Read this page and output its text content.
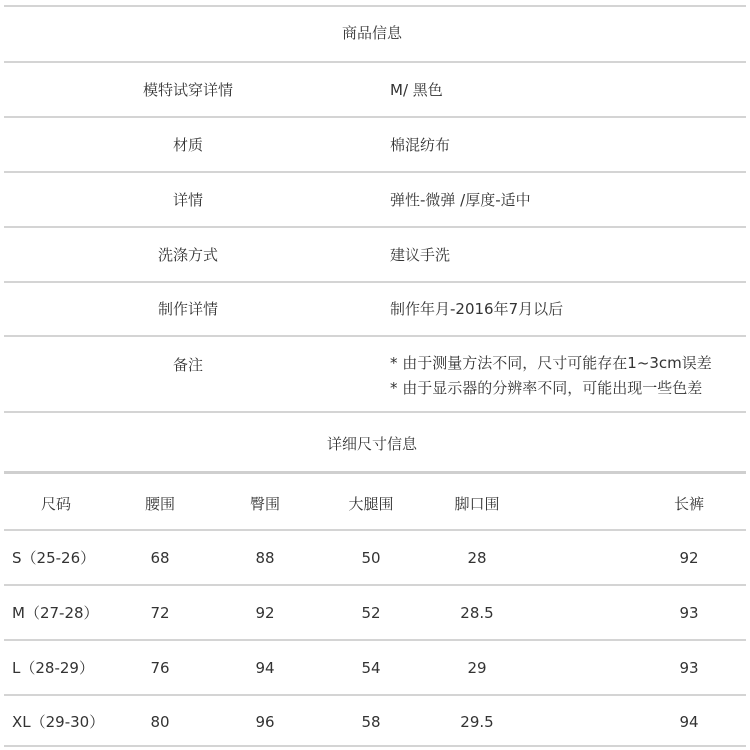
商品信息
模特试穿详情	M/ 黑色
材质	棉混纺布
详情	弹性-微弹 /厚度-适中
洗涤方式	建议手洗
制作详情	制作年月-2016年7月以后
备注	* 由于测量方法不同，尺寸可能存在1~3cm误差
* 由于显示器的分辨率不同，可能出现一些色差
详细尺寸信息
尺码	腰围	臀围	大腿围	脚口围	长裤
S（25-26）	68	88	50	28	92
M（27-28）	72	92	52	28.5	93
L（28-29）	76	94	54	29	93
XL（29-30）	80	96	58	29.5	94
